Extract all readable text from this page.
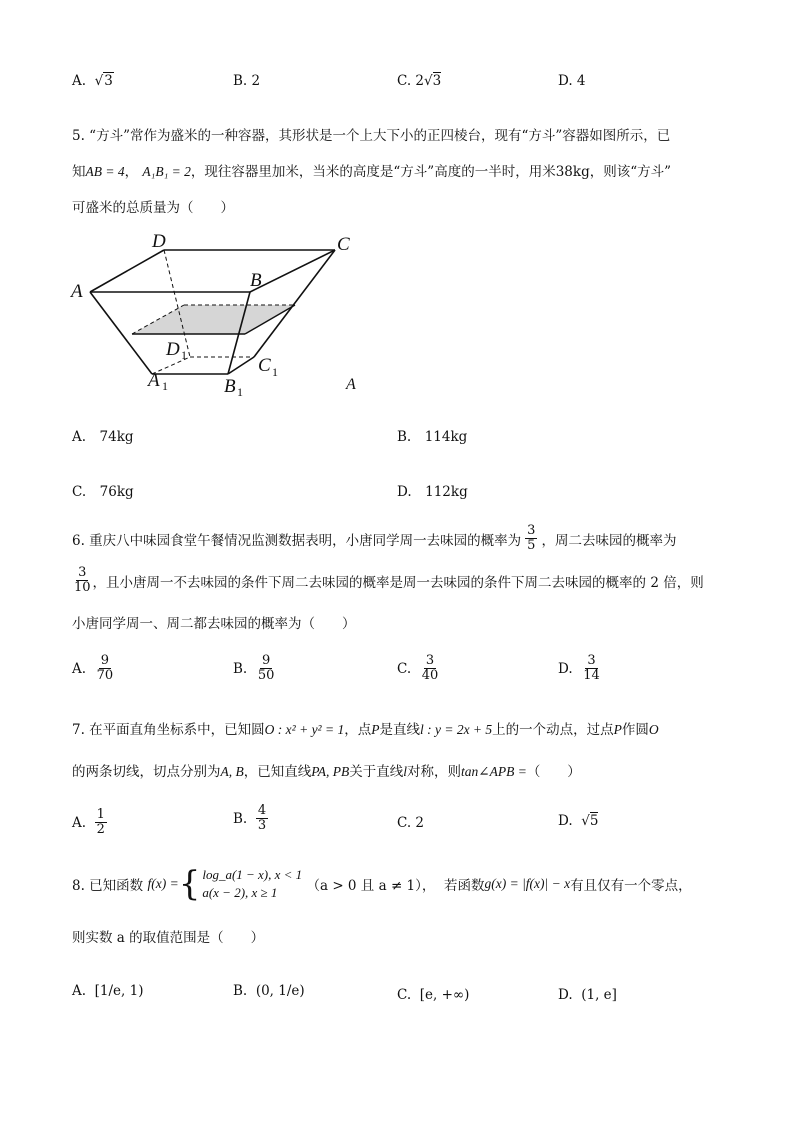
A.  √3	B. 2	C. 2√3	D. 4
5. “方斗”常作为盛米的一种容器，其形状是一个上大下小的正四棱台，现有“方斗”容器如图所示，已
知AB = 4， A₁B₁ = 2，现往容器里加米，当米的高度是“方斗”高度的一半时，用米38kg，则该“方斗”
可盛米的总质量为（　　）
D	C
A
B
D
C
A	B	A
1
1
1	1
A.　74kg	B.　114kg
C.　76kg	D.　112kg
6. 重庆八中味园食堂午餐情况监测数据表明，小唐同学周一去味园的概率为 $\frac{3}{5}$ ，周二去味园的概率为
$\frac{3}{10}$ ，且小唐周一不去味园的条件下周二去味园的概率是周一去味园的条件下周二去味园的概率的 2 倍，则
小唐同学周一、周二都去味园的概率为（　　）
A.
$\frac{9}{70}$	B.
$\frac{9}{50}$	C.
$\frac{3}{40}$	D.
$\frac{3}{14}$
7. 在平面直角坐标系中，已知圆O : x² + y² = 1，点P是直线l : y = 2x + 5上的一个动点，过点P作圆O
的两条切线，切点分别为A, B，已知直线PA, PB关于直线l对称，则tan∠APB =（　　）
A.
$\frac{1}{2}$	B.
$\frac{4}{3}$	C. 2	D.  √5
8. 已知函数
f(x) = { log_a(1 − x), x < 1
a(x − 2), x ≥ 1
	（a > 0 且 a ≠ 1），
若函数 g(x) = |f(x)| − x 有且仅有一个零点，
则实数 a 的取值范围是（　　）
A. [1/e, 1)	B. (0, 1/e)	C. [e, +∞)	D. (1, e]
